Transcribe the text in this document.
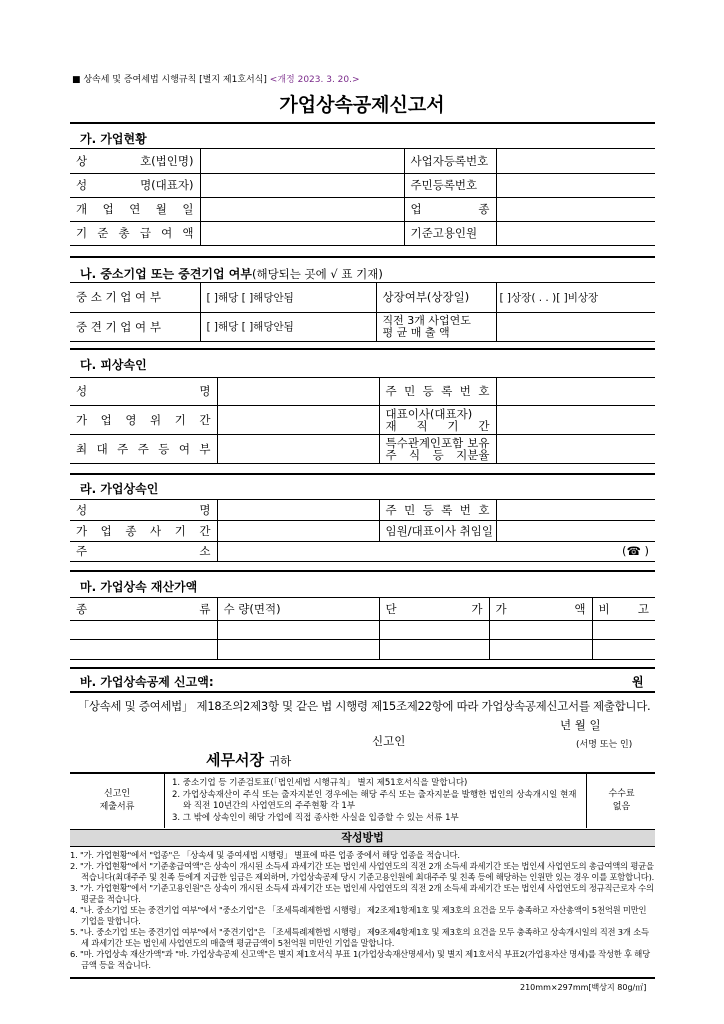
■ 상속세 및 증여세법 시행규칙 [별지 제1호서식] <개정 2023. 3. 20.>
가업상속공제신고서
가. 가업현황
상 호(법인명)		사업자등록번호	
성 명(대표자)		주민등록번호	
개 업 연 월 일		업 종	
기 준 총 급 여 액		기준고용인원	
나. 중소기업 또는 중견기업 여부(해당되는 곳에 √ 표 기재)
중 소 기 업 여 부	[ ]해당 [ ]해당안됨	상장여부(상장일)	[ ]상장( . . )[ ]비상장
중 견 기 업 여 부	[ ]해당 [ ]해당안됨	직전 3개 사업연도
평 균 매 출 액	

다. 피상속인
성 명		주 민 등 록 번 호	
가 업 영 위 기 간		대표이사(대표자)
재 직 기 간	

최 대 주 주 등 여 부		특수관계인포함 보유
주 식 등 지분율	

라. 가업상속인
성 명		주 민 등 록 번 호	
가 업 종 사 기 간		임원/대표이사 취임일	
주 소	(☎ )		
마. 가업상속 재산가액
종 류	수 량(면적)	단 가	가 액	비 고

바. 가업상속공제 신고액:	원
「상속세 및 증여세법」 제18조의2제3항 및 같은 법 시행령 제15조제22항에 따라 가업상속공제신고서를 제출합니다.
년 월 일
신고인	(서명 또는 인)
세무서장 귀하
신고인
제출서류
1. 중소기업 등 기준검토표(「법인세법 시행규칙」 별지 제51호서식을 말합니다)
2. 가업상속재산이 주식 또는 출자지분인 경우에는 해당 주식 또는 출자지분을 발행한 법인의 상속개시일 현재와 직전 10년간의 사업연도의 주주현황 각 1부
3. 그 밖에 상속인이 해당 가업에 직접 종사한 사실을 입증할 수 있는 서류 1부
수수료
없음
작성방법
1. "가. 가업현황"에서 "업종"은 「상속세 및 증여세법 시행령」 별표에 따른 업종 중에서 해당 업종을 적습니다.
2. "가. 가업현황"에서 "기준총급여액"은 상속이 개시된 소득세 과세기간 또는 법인세 사업연도의 직전 2개 소득세 과세기간 또는 법인세 사업연도의 총급여액의 평균을 적습니다(최대주주 및 친족 등에게 지급한 임금은 제외하며, 가업상속공제 당시 기준고용인원에 최대주주 및 친족 등에 해당하는 인원만 있는 경우 이를 포함합니다).
3. "가. 가업현황"에서 "기준고용인원"은 상속이 개시된 소득세 과세기간 또는 법인세 사업연도의 직전 2개 소득세 과세기간 또는 법인세 사업연도의 정규직근로자 수의 평균을 적습니다.
4. "나. 중소기업 또는 중견기업 여부"에서 "중소기업"은 「조세특례제한법 시행령」 제2조제1항제1호 및 제3호의 요건을 모두 충족하고 자산총액이 5천억원 미만인 기업을 말합니다.
5. "나. 중소기업 또는 중견기업 여부"에서 "중견기업"은 「조세특례제한법 시행령」 제9조제4항제1호 및 제3호의 요건을 모두 충족하고 상속개시일의 직전 3개 소득세 과세기간 또는 법인세 사업연도의 매출액 평균금액이 5천억원 미만인 기업을 말합니다.
6. "마. 가업상속 재산가액"과 "바. 가업상속공제 신고액"은 별지 제1호서식 부표 1(가업상속재산명세서) 및 별지 제1호서식 부표2(가업용자산 명세)를 작성한 후 해당 금액 등을 적습니다.
210mm×297mm[백상지 80g/㎡]
